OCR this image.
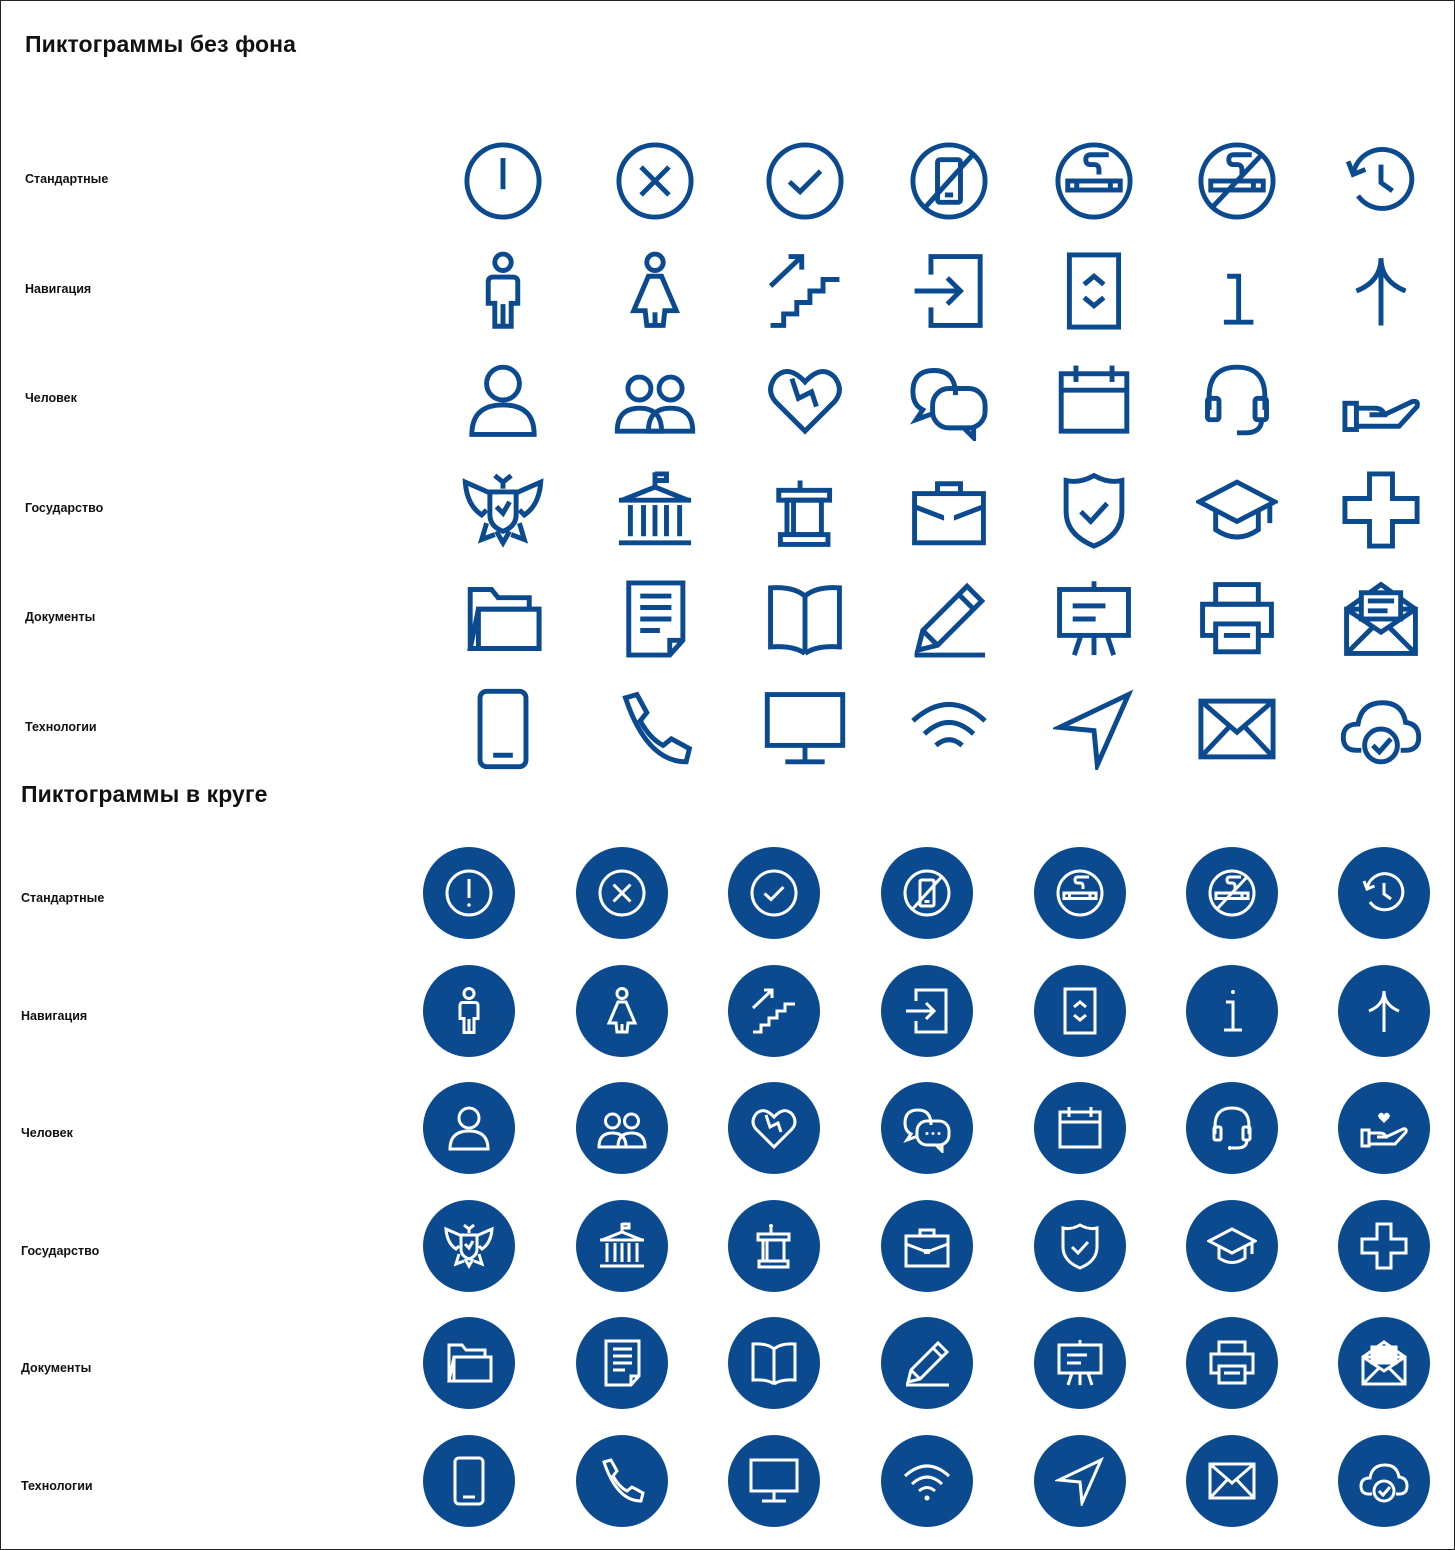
Пиктограммы без фона
Стандартные
Навигация
Человек
Государство
Документы
Технологии
Пиктограммы в круге
Стандартные
Навигация
Человек
Государство
Документы
Технологии
